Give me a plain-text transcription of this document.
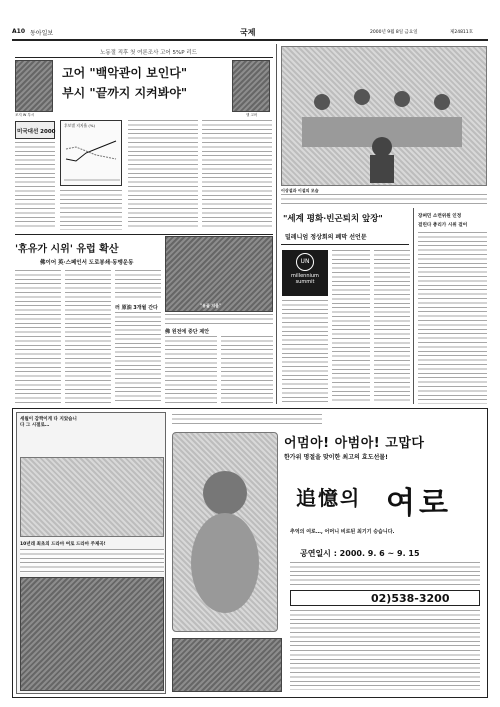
A10 동아일보	국제	2000년 9월 8일 금요일	제24811호
노동절 직후 첫 여론조사 고어 5%P 리드
조지 W 부시
고어 "백악관이 보인다"
부시 "끝까지 지켜봐야"
앨 고어
미국대선 2000
후보별 지지율 (%)
이상설과 이설의 모습
"세계 평화·빈곤퇴치 앞장"
밀레니엄 정상회의 폐막 선언문
UN
millennium
summit
장쩌민 소련위원 인정
걸린다 총리가 시위 걸어
'휴유가 시위' 유럽 확산
佛이어 英·스페인서 도로봉쇄·동맹운동
"유골 지움"
러 原油 3개월 간다
佛 원전에 중단 제안
세월이 감짝이게 다 지았습니다 그 시절로…
10년래 최초의 드라마 여로 드라마 주제곡!
어멈아! 아범아! 고맙다
한가위 명절을 맞이한 최고의 효도선물!
追憶의 여로
추억의 여로…, 어머니 비로된 최기기 승습니다.
공연일시 : 2000. 9. 6 ~ 9. 15
02)538-3200
